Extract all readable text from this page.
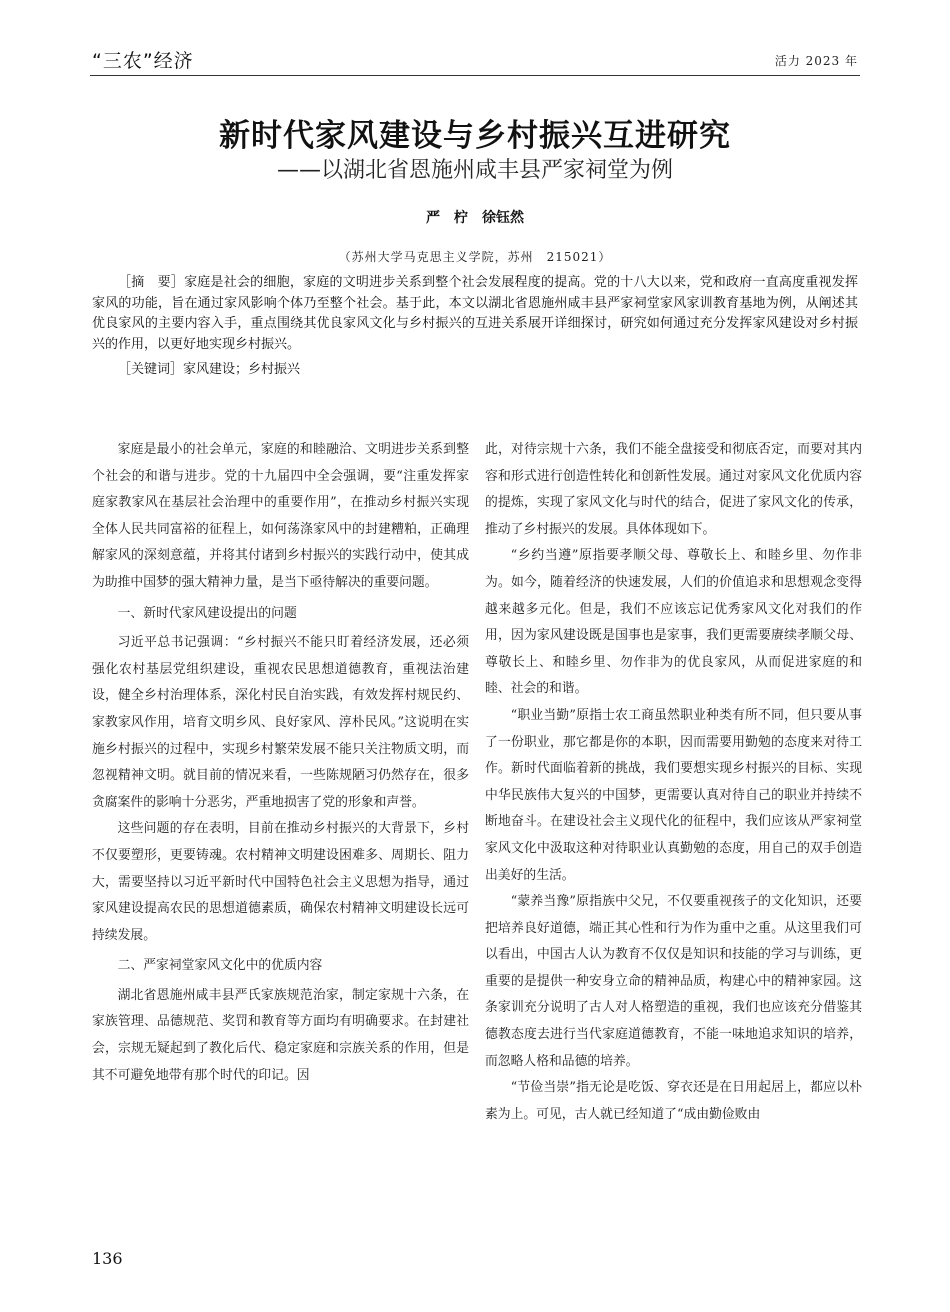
“三农”经济	活力 2023 年
新时代家风建设与乡村振兴互进研究
——以湖北省恩施州咸丰县严家祠堂为例
严　柠　徐钰然
（苏州大学马克思主义学院，苏州　215021）
［摘　要］家庭是社会的细胞，家庭的文明进步关系到整个社会发展程度的提高。党的十八大以来，党和政府一直高度重视发挥家风的功能，旨在通过家风影响个体乃至整个社会。基于此，本文以湖北省恩施州咸丰县严家祠堂家风家训教育基地为例，从阐述其优良家风的主要内容入手，重点围绕其优良家风文化与乡村振兴的互进关系展开详细探讨，研究如何通过充分发挥家风建设对乡村振兴的作用，以更好地实现乡村振兴。
［关键词］家风建设；乡村振兴

家庭是最小的社会单元，家庭的和睦融洽、文明进步关系到整个社会的和谐与进步。党的十九届四中全会强调，要“注重发挥家庭家教家风在基层社会治理中的重要作用”，在推动乡村振兴实现全体人民共同富裕的征程上，如何荡涤家风中的封建糟粕，正确理解家风的深刻意蕴，并将其付诸到乡村振兴的实践行动中，使其成为助推中国梦的强大精神力量，是当下亟待解决的重要问题。

一、新时代家风建设提出的问题

习近平总书记强调：“乡村振兴不能只盯着经济发展，还必须强化农村基层党组织建设，重视农民思想道德教育，重视法治建设，健全乡村治理体系，深化村民自治实践，有效发挥村规民约、家教家风作用，培育文明乡风、良好家风、淳朴民风。”这说明在实施乡村振兴的过程中，实现乡村繁荣发展不能只关注物质文明，而忽视精神文明。就目前的情况来看，一些陈规陋习仍然存在，很多贪腐案件的影响十分恶劣，严重地损害了党的形象和声誉。

这些问题的存在表明，目前在推动乡村振兴的大背景下，乡村不仅要塑形，更要铸魂。农村精神文明建设困难多、周期长、阻力大，需要坚持以习近平新时代中国特色社会主义思想为指导，通过家风建设提高农民的思想道德素质，确保农村精神文明建设长远可持续发展。

二、严家祠堂家风文化中的优质内容

湖北省恩施州咸丰县严氏家族规范治家，制定家规十六条，在家族管理、品德规范、奖罚和教育等方面均有明确要求。在封建社会，宗规无疑起到了教化后代、稳定家庭和宗族关系的作用，但是其不可避免地带有那个时代的印记。因

此，对待宗规十六条，我们不能全盘接受和彻底否定，而要对其内容和形式进行创造性转化和创新性发展。通过对家风文化优质内容的提炼，实现了家风文化与时代的结合，促进了家风文化的传承，推动了乡村振兴的发展。具体体现如下。

“乡约当遵”原指要孝顺父母、尊敬长上、和睦乡里、勿作非为。如今，随着经济的快速发展，人们的价值追求和思想观念变得越来越多元化。但是，我们不应该忘记优秀家风文化对我们的作用，因为家风建设既是国事也是家事，我们更需要赓续孝顺父母、尊敬长上、和睦乡里、勿作非为的优良家风，从而促进家庭的和睦、社会的和谐。

“职业当勤”原指士农工商虽然职业种类有所不同，但只要从事了一份职业，那它都是你的本职，因而需要用勤勉的态度来对待工作。新时代面临着新的挑战，我们要想实现乡村振兴的目标、实现中华民族伟大复兴的中国梦，更需要认真对待自己的职业并持续不断地奋斗。在建设社会主义现代化的征程中，我们应该从严家祠堂家风文化中汲取这种对待职业认真勤勉的态度，用自己的双手创造出美好的生活。

“蒙养当豫”原指族中父兄，不仅要重视孩子的文化知识，还要把培养良好道德，端正其心性和行为作为重中之重。从这里我们可以看出，中国古人认为教育不仅仅是知识和技能的学习与训练，更重要的是提供一种安身立命的精神品质，构建心中的精神家园。这条家训充分说明了古人对人格塑造的重视，我们也应该充分借鉴其德教态度去进行当代家庭道德教育，不能一味地追求知识的培养，而忽略人格和品德的培养。

“节俭当崇”指无论是吃饭、穿衣还是在日用起居上，都应以朴素为上。可见，古人就已经知道了“成由勤俭败由

136
